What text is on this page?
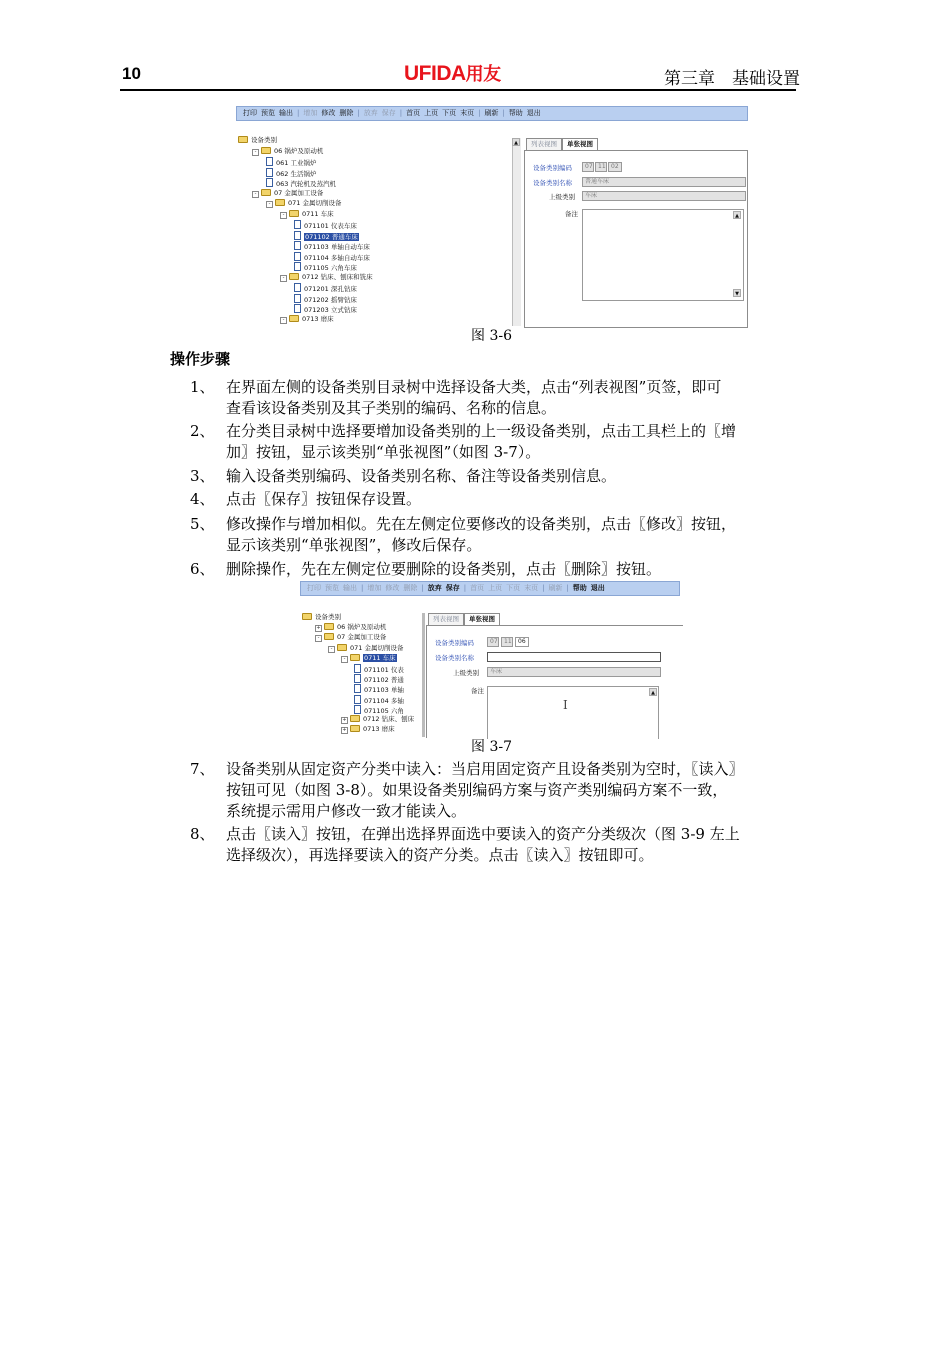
10	UFIDA用友	第三章　基础设置
打印 预览 输出 | 增加 修改 删除 | 放弃 保存 | 首页 上页 下页 末页 | 刷新 | 帮助 退出
设备类别
-	06 锅炉及原动机
061 工业锅炉
062 生活锅炉
063 汽轮机及蒸汽机
-	07 金属加工设备
-	071 金属切削设备
-	0711 车床
071101 仪表车床
071102 普通车床
071103 单轴自动车床
071104 多轴自动车床
071105 六角车床
-	0712 钻床、刨床和铣床
071201 深孔钻床
071202 摇臂钻床
071203 立式钻床
-	0713 磨床
▲	列表视图 单张视图
设备类别编码	07 11 02
设备类别名称	普通车床
上级类别	车床
备注	▲
▼
图 3-6
操作步骤
1、 在界面左侧的设备类别目录树中选择设备大类，点击“列表视图”页签，即可
查看该设备类别及其子类别的编码、名称的信息。
2、 在分类目录树中选择要增加设备类别的上一级设备类别，点击工具栏上的〖增
加〗按钮，显示该类别“单张视图”（如图 3-7）。
3、 输入设备类别编码、设备类别名称、备注等设备类别信息。
4、 点击〖保存〗按钮保存设置。
5、 修改操作与增加相似。先在左侧定位要修改的设备类别，点击〖修改〗按钮，
显示该类别“单张视图”，修改后保存。
6、 删除操作，先在左侧定位要删除的设备类别，点击〖删除〗按钮。
打印 预览 输出 | 增加 修改 删除 | 放弃 保存 | 首页 上页 下页 末页 | 刷新 | 帮助 退出
设备类别
+	06 锅炉及原动机
-	07 金属加工设备
-	071 金属切削设备
-	0711 车床
071101 仪表
071102 普通
071103 单轴
071104 多轴
071105 六角
+	0712 钻床、刨床
+	0713 磨床
列表视图 单张视图
设备类别编码	07	11	06
设备类别名称
上级类别	车床
备注	▲
I
图 3-7
7、 设备类别从固定资产分类中读入：当启用固定资产且设备类别为空时，〖读入〗
按钮可见（如图 3-8）。如果设备类别编码方案与资产类别编码方案不一致，
系统提示需用户修改一致才能读入。
8、 点击〖读入〗按钮，在弹出选择界面选中要读入的资产分类级次（图 3-9 左上
选择级次），再选择要读入的资产分类。点击〖读入〗按钮即可。
